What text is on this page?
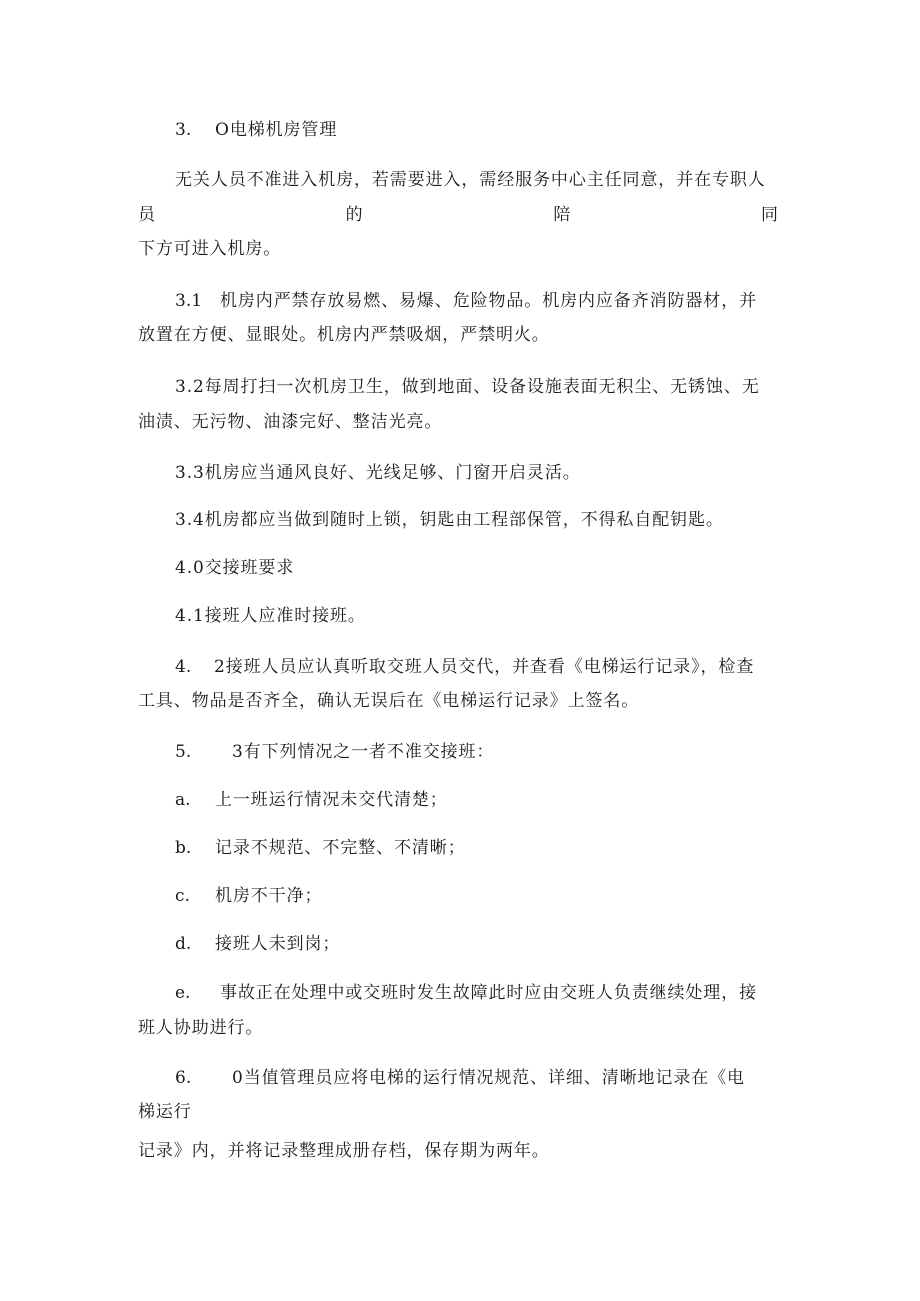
3. O电梯机房管理
无关人员不准进入机房，若需要进入，需经服务中心主任同意，并在专职人
员	的	陪	同
下方可进入机房。
3.1 机房内严禁存放易燃、易爆、危险物品。机房内应备齐消防器材，并
放置在方便、显眼处。机房内严禁吸烟，严禁明火。
3.2每周打扫一次机房卫生，做到地面、设备设施表面无积尘、无锈蚀、无
油渍、无污物、油漆完好、整洁光亮。
3.3机房应当通风良好、光线足够、门窗开启灵活。
3.4机房都应当做到随时上锁，钥匙由工程部保管，不得私自配钥匙。
4.0交接班要求
4.1接班人应准时接班。
4. 2接班人员应认真听取交班人员交代，并查看《电梯运行记录》，检查
工具、物品是否齐全，确认无误后在《电梯运行记录》上签名。
5. 3有下列情况之一者不准交接班：
a. 上一班运行情况未交代清楚；
b. 记录不规范、不完整、不清晰；
c. 机房不干净；
d. 接班人未到岗；
e. 事故正在处理中或交班时发生故障此时应由交班人负责继续处理，接
班人协助进行。
6. 0当值管理员应将电梯的运行情况规范、详细、清晰地记录在《电
梯运行
记录》内，并将记录整理成册存档，保存期为两年。
